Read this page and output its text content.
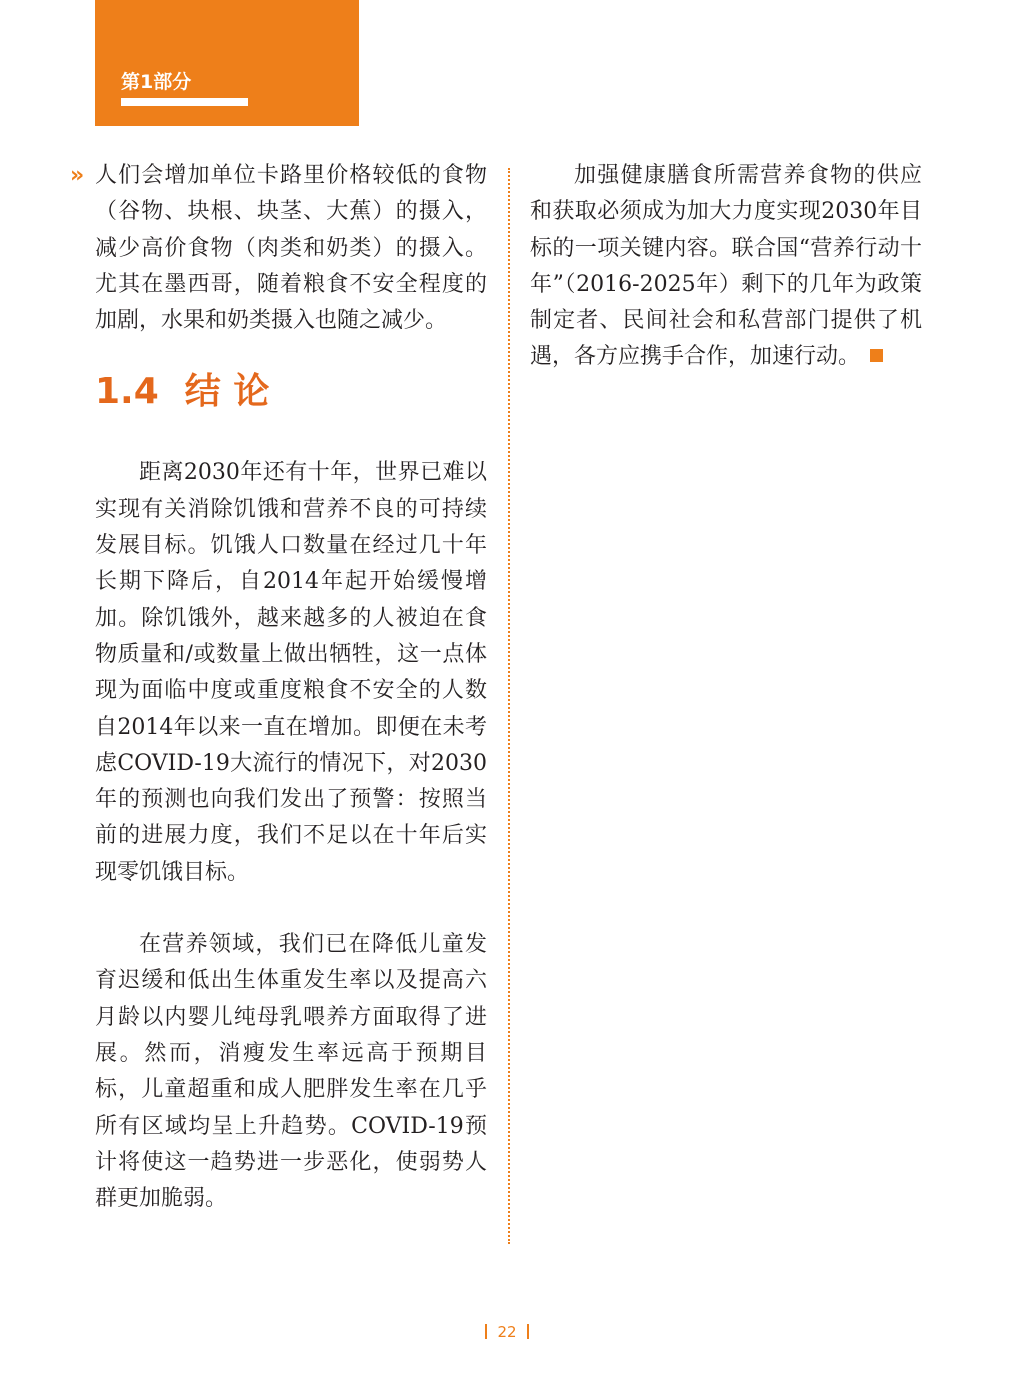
第1部分
» 人们会增加单位卡路里价格较低的食物（谷物、块根、块茎、大蕉）的摄入，减少高价食物（肉类和奶类）的摄入。尤其在墨西哥，随着粮食不安全程度的加剧，水果和奶类摄入也随之减少。

1.4 结 论

距离2030年还有十年，世界已难以实现有关消除饥饿和营养不良的可持续发展目标。饥饿人口数量在经过几十年长期下降后，自2014年起开始缓慢增加。除饥饿外，越来越多的人被迫在食物质量和/或数量上做出牺牲，这一点体现为面临中度或重度粮食不安全的人数自2014年以来一直在增加。即便在未考虑COVID-19大流行的情况下，对2030年的预测也向我们发出了预警：按照当前的进展力度，我们不足以在十年后实现零饥饿目标。

在营养领域，我们已在降低儿童发育迟缓和低出生体重发生率以及提高六月龄以内婴儿纯母乳喂养方面取得了进展。然而，消瘦发生率远高于预期目标，儿童超重和成人肥胖发生率在几乎所有区域均呈上升趋势。COVID-19预计将使这一趋势进一步恶化，使弱势人群更加脆弱。

加强健康膳食所需营养食物的供应和获取必须成为加大力度实现2030年目标的一项关键内容。联合国“营养行动十年”（2016-2025年）剩下的几年为政策制定者、民间社会和私营部门提供了机遇，各方应携手合作，加速行动。

22
